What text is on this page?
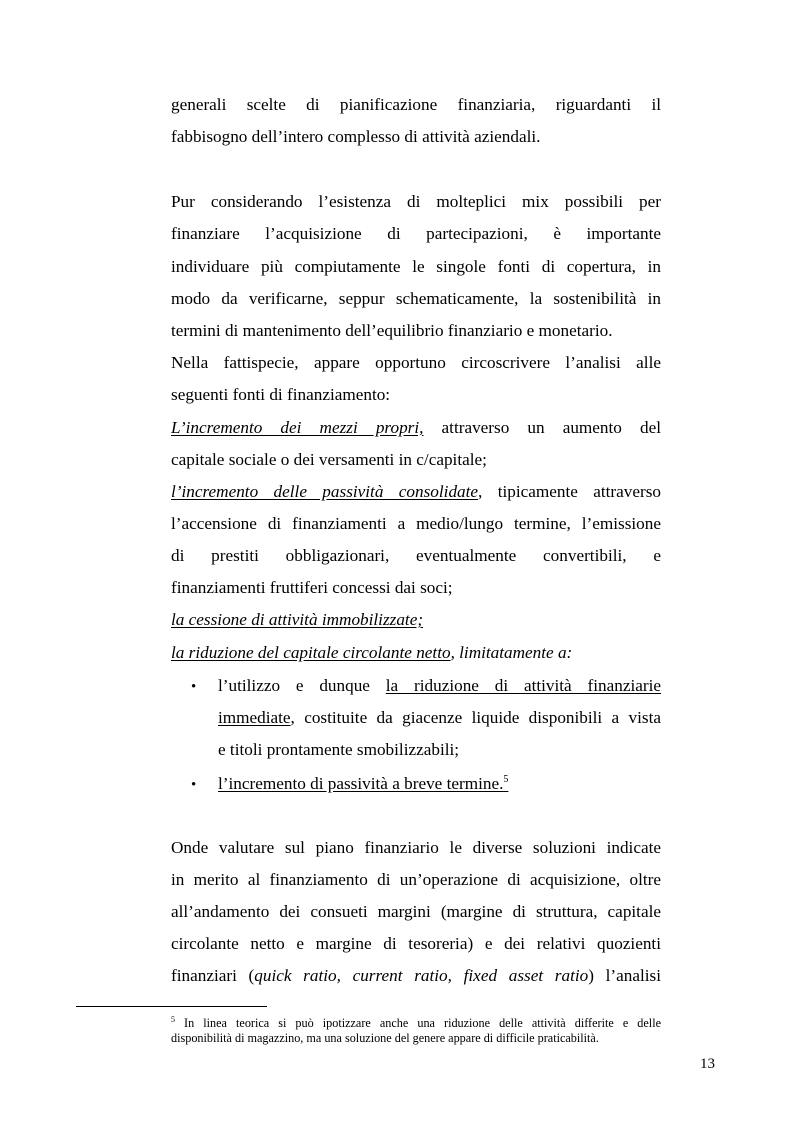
generali scelte di pianificazione finanziaria, riguardanti il
fabbisogno dell’intero complesso di attività aziendali.
Pur considerando l’esistenza di molteplici mix possibili per
finanziare l’acquisizione di partecipazioni, è importante
individuare più compiutamente le singole fonti di copertura, in
modo da verificarne, seppur schematicamente, la sostenibilità in
termini di mantenimento dell’equilibrio finanziario e monetario.
Nella fattispecie, appare opportuno circoscrivere l’analisi alle
seguenti fonti di finanziamento:
L’incremento dei mezzi propri, attraverso un aumento del
capitale sociale o dei versamenti in c/capitale;
l’incremento delle passività consolidate, tipicamente attraverso
l’accensione di finanziamenti a medio/lungo termine, l’emissione
di prestiti obbligazionari, eventualmente convertibili, e
finanziamenti fruttiferi concessi dai soci;
la cessione di attività immobilizzate;
la riduzione del capitale circolante netto, limitatamente a:
• l’utilizzo e dunque la riduzione di attività finanziarie
immediate, costituite da giacenze liquide disponibili a vista
e titoli prontamente smobilizzabili;
• l’incremento di passività a breve termine.$^5$
Onde valutare sul piano finanziario le diverse soluzioni indicate
in merito al finanziamento di un’operazione di acquisizione, oltre
all’andamento dei consueti margini (margine di struttura, capitale
circolante netto e margine di tesoreria) e dei relativi quozienti
finanziari (quick ratio, current ratio, fixed asset ratio) l’analisi
$^5$ In linea teorica si può ipotizzare anche una riduzione delle attività differite e delle
disponibilità di magazzino, ma una soluzione del genere appare di difficile praticabilità.
13
